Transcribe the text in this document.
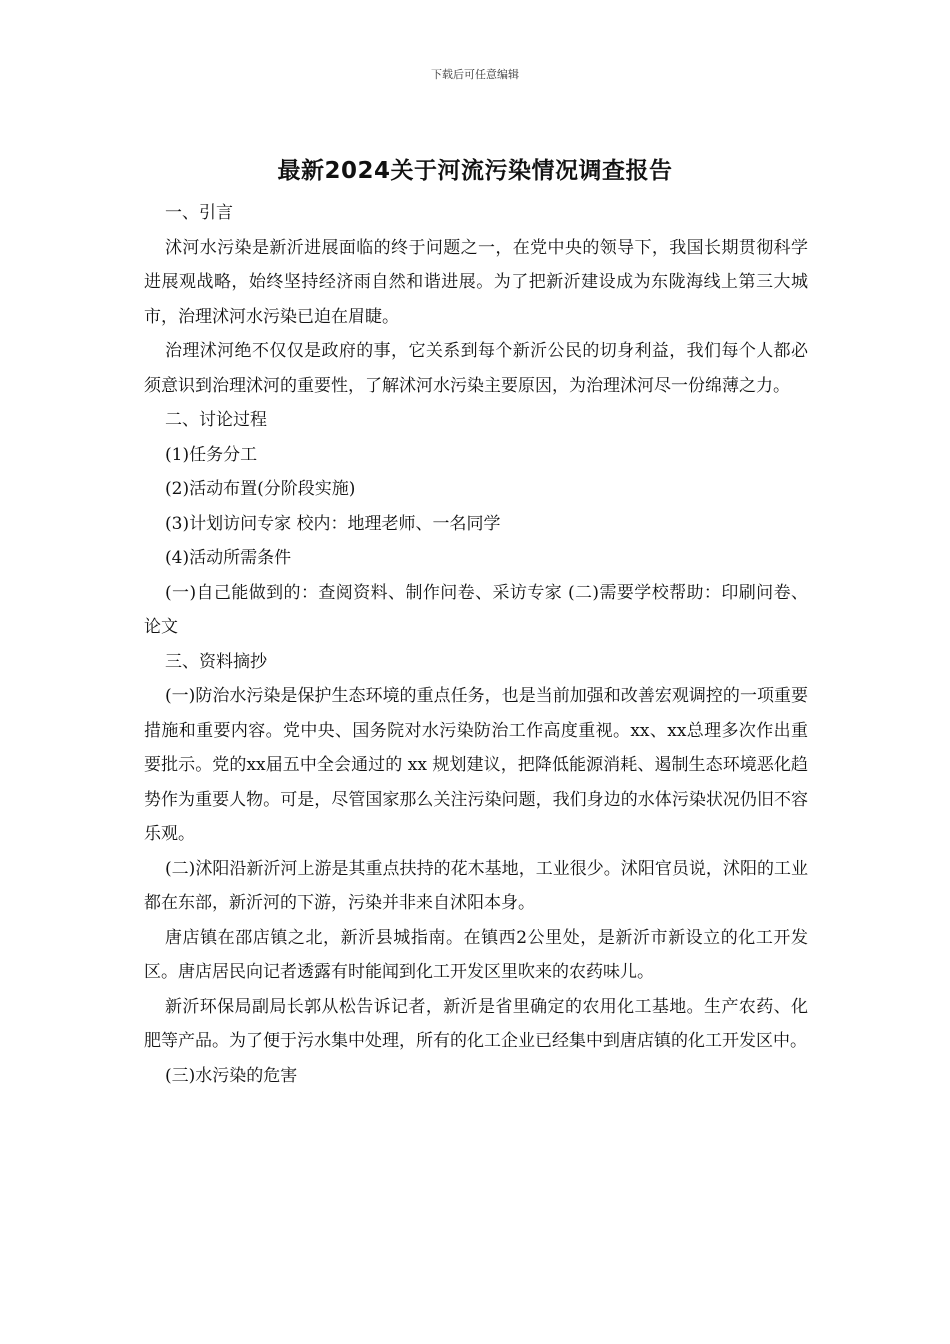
下载后可任意编辑
最新2024关于河流污染情况调查报告

一、引言

沭河水污染是新沂进展面临的终于问题之一，在党中央的领导下，我国长期贯彻科学进展观战略，始终坚持经济雨自然和谐进展。为了把新沂建设成为东陇海线上第三大城市，治理沭河水污染已迫在眉睫。

治理沭河绝不仅仅是政府的事，它关系到每个新沂公民的切身利益，我们每个人都必须意识到治理沭河的重要性，了解沭河水污染主要原因，为治理沭河尽一份绵薄之力。

二、讨论过程

(1)任务分工

(2)活动布置(分阶段实施)

(3)计划访问专家 校内：地理老师、一名同学

(4)活动所需条件

(一)自己能做到的：查阅资料、制作问卷、采访专家 (二)需要学校帮助：印刷问卷、论文

三、资料摘抄

(一)防治水污染是保护生态环境的重点任务，也是当前加强和改善宏观调控的一项重要措施和重要内容。党中央、国务院对水污染防治工作高度重视。xx、xx总理多次作出重要批示。党的xx届五中全会通过的 xx 规划建议，把降低能源消耗、遏制生态环境恶化趋势作为重要人物。可是，尽管国家那么关注污染问题，我们身边的水体污染状况仍旧不容乐观。

(二)沭阳沿新沂河上游是其重点扶持的花木基地，工业很少。沭阳官员说，沭阳的工业都在东部，新沂河的下游，污染并非来自沭阳本身。

唐店镇在邵店镇之北，新沂县城指南。在镇西2公里处，是新沂市新设立的化工开发区。唐店居民向记者透露有时能闻到化工开发区里吹来的农药味儿。

新沂环保局副局长郭从松告诉记者，新沂是省里确定的农用化工基地。生产农药、化肥等产品。为了便于污水集中处理，所有的化工企业已经集中到唐店镇的化工开发区中。

(三)水污染的危害
